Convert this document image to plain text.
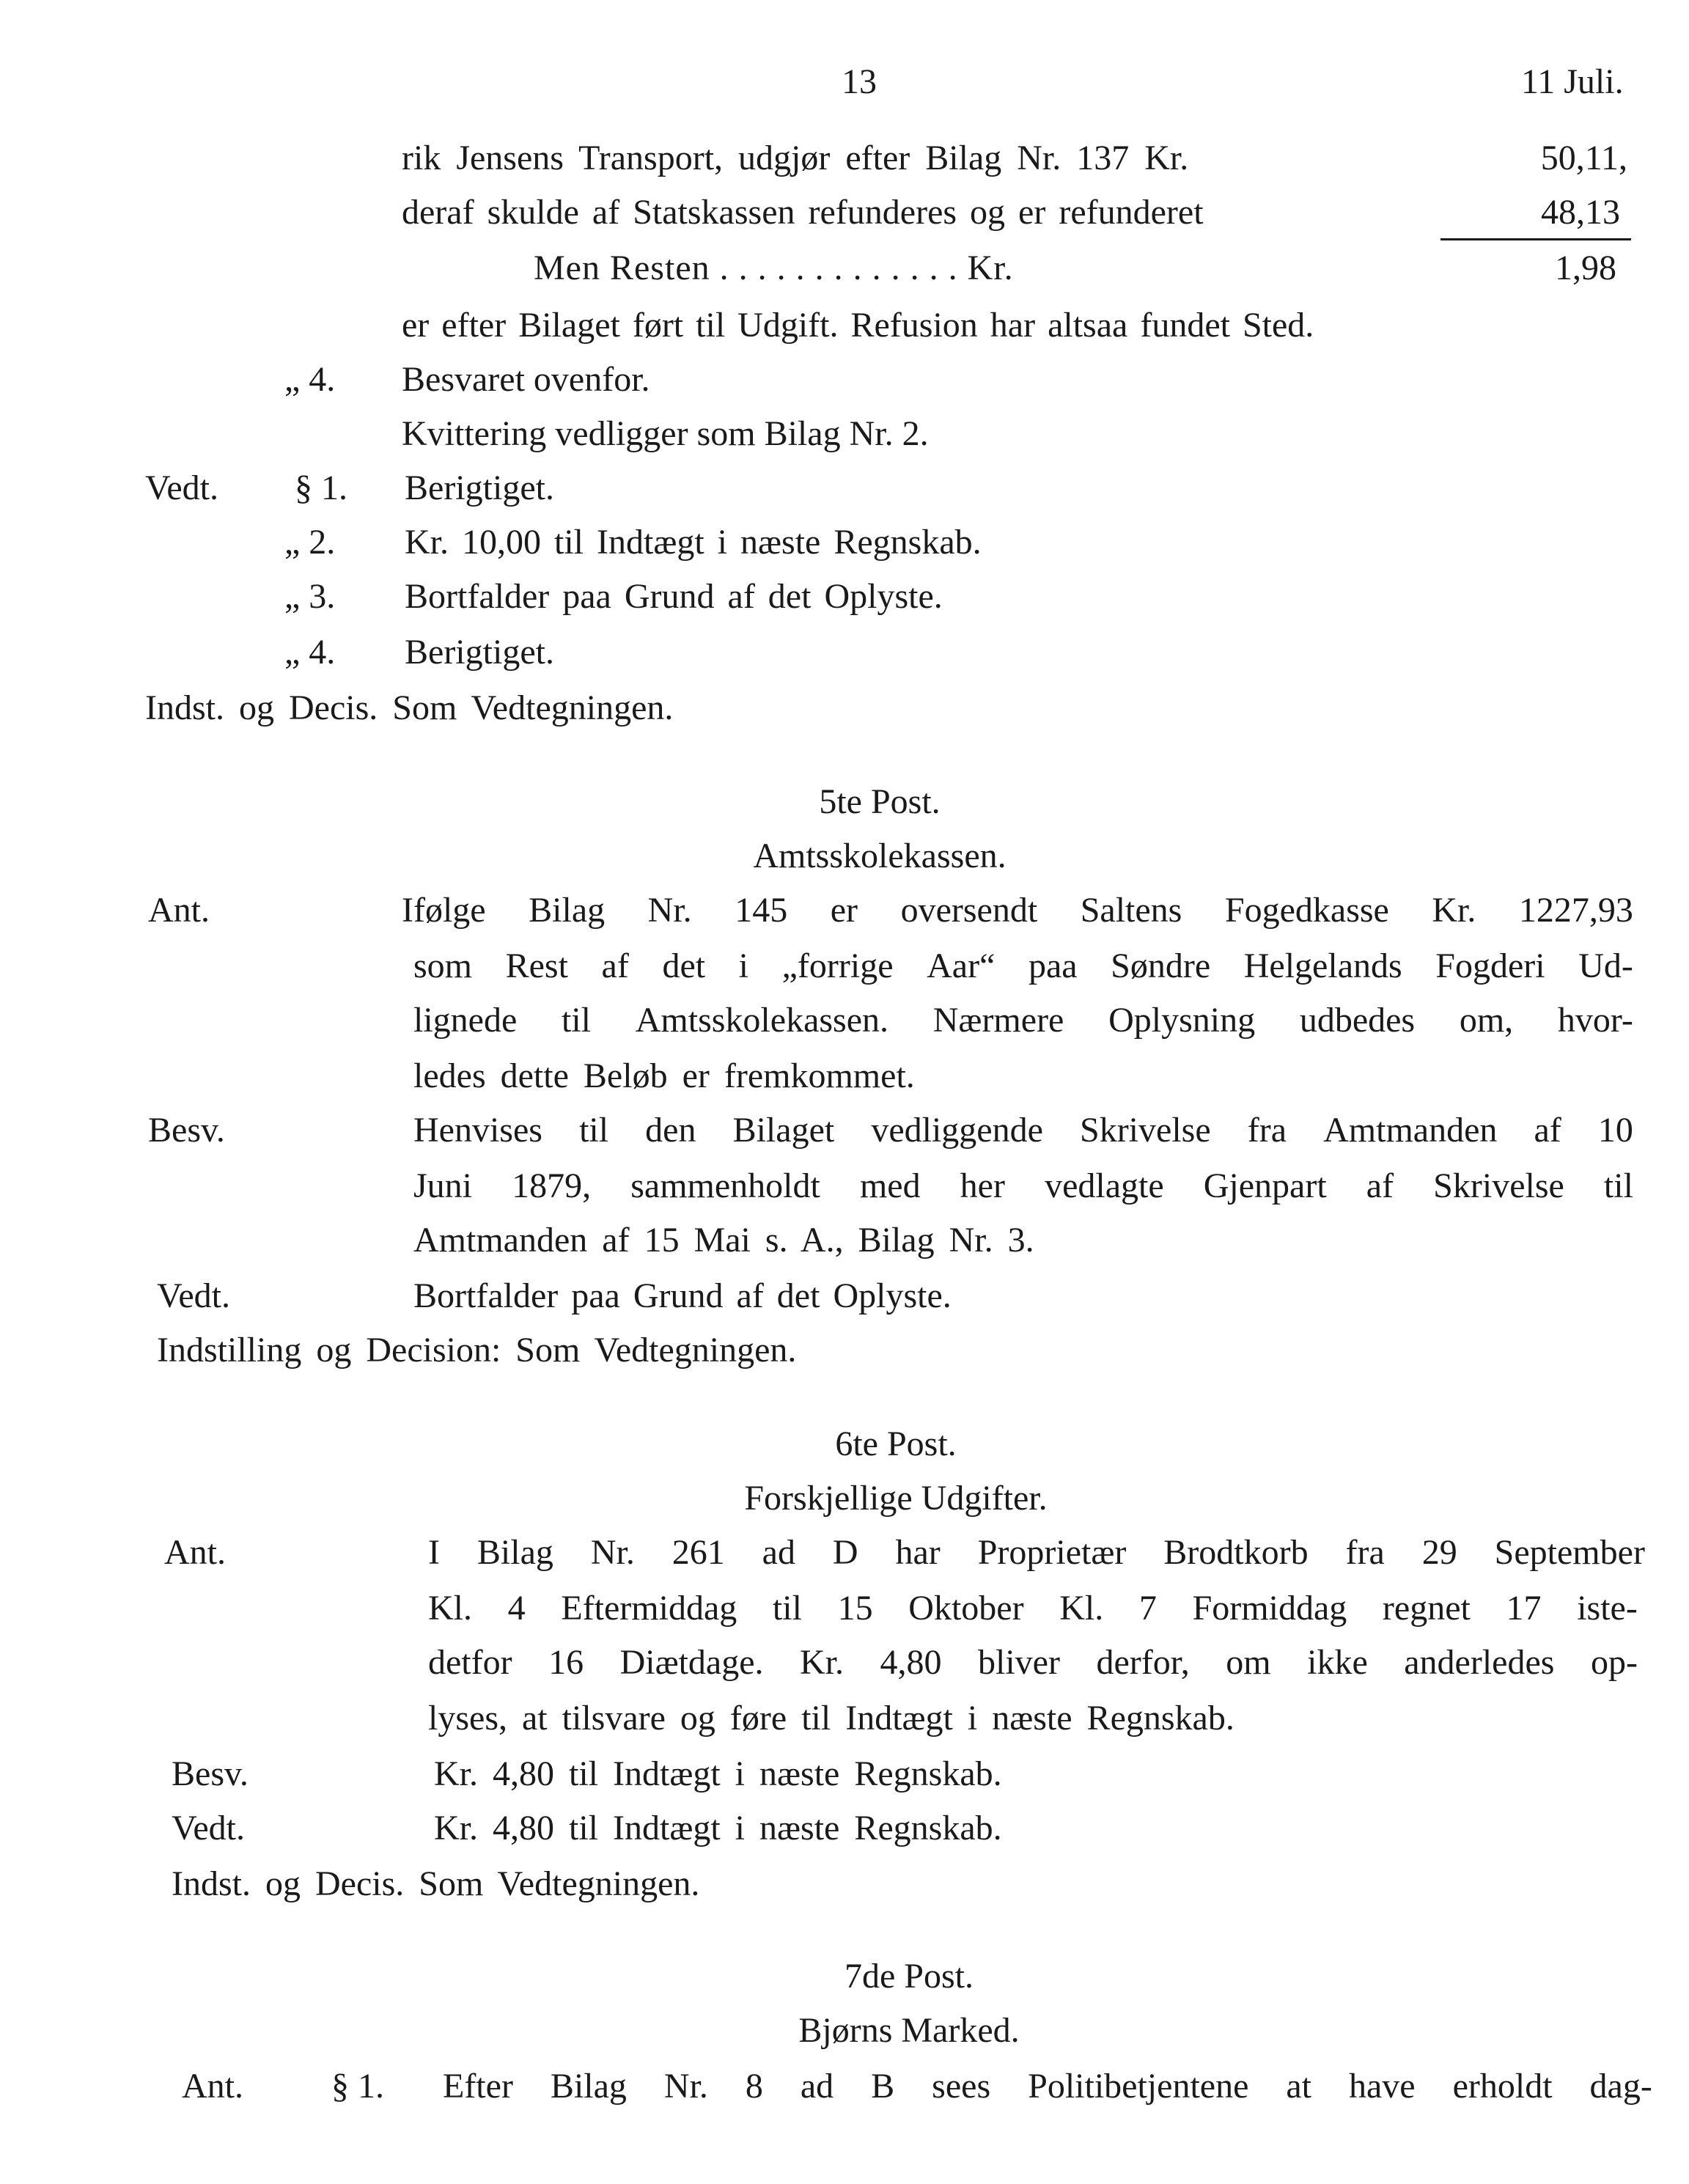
13	11 Juli.
rik Jensens Transport, udgjør efter Bilag Nr. 137 Kr.	50,11,
deraf skulde af Statskassen refunderes og er refunderet	48,13
Men Resten . . . . . . . . . . . . . Kr.	1,98
er efter Bilaget ført til Udgift. Refusion har altsaa fundet Sted.
„ 4. Besvaret ovenfor.
Kvittering vedligger som Bilag Nr. 2.
Vedt. § 1. Berigtiget.
„ 2. Kr. 10,00 til Indtægt i næste Regnskab.
„ 3. Bortfalder paa Grund af det Oplyste.
„ 4. Berigtiget.
Indst. og Decis. Som Vedtegningen.
5te Post.
Amtsskolekassen.
Ant.	Ifølge Bilag Nr. 145 er oversendt Saltens Fogedkasse Kr. 1227,93
som Rest af det i „forrige Aar“ paa Søndre Helgelands Fogderi Ud-
lignede til Amtsskolekassen. Nærmere Oplysning udbedes om, hvor-
ledes dette Beløb er fremkommet.
Besv.	Henvises til den Bilaget vedliggende Skrivelse fra Amtmanden af 10
Juni 1879, sammenholdt med her vedlagte Gjenpart af Skrivelse til
Amtmanden af 15 Mai s. A., Bilag Nr. 3.
Vedt.	Bortfalder paa Grund af det Oplyste.
Indstilling og Decision: Som Vedtegningen.
6te Post.
Forskjellige Udgifter.
Ant.	I Bilag Nr. 261 ad D har Proprietær Brodtkorb fra 29 September
Kl. 4 Eftermiddag til 15 Oktober Kl. 7 Formiddag regnet 17 iste-
detfor 16 Diætdage. Kr. 4,80 bliver derfor, om ikke anderledes op-
lyses, at tilsvare og føre til Indtægt i næste Regnskab.
Besv.	Kr. 4,80 til Indtægt i næste Regnskab.
Vedt.	Kr. 4,80 til Indtægt i næste Regnskab.
Indst. og Decis. Som Vedtegningen.
7de Post.
Bjørns Marked.
Ant.	§ 1. Efter Bilag Nr. 8 ad B sees Politibetjentene at have erholdt dag-
